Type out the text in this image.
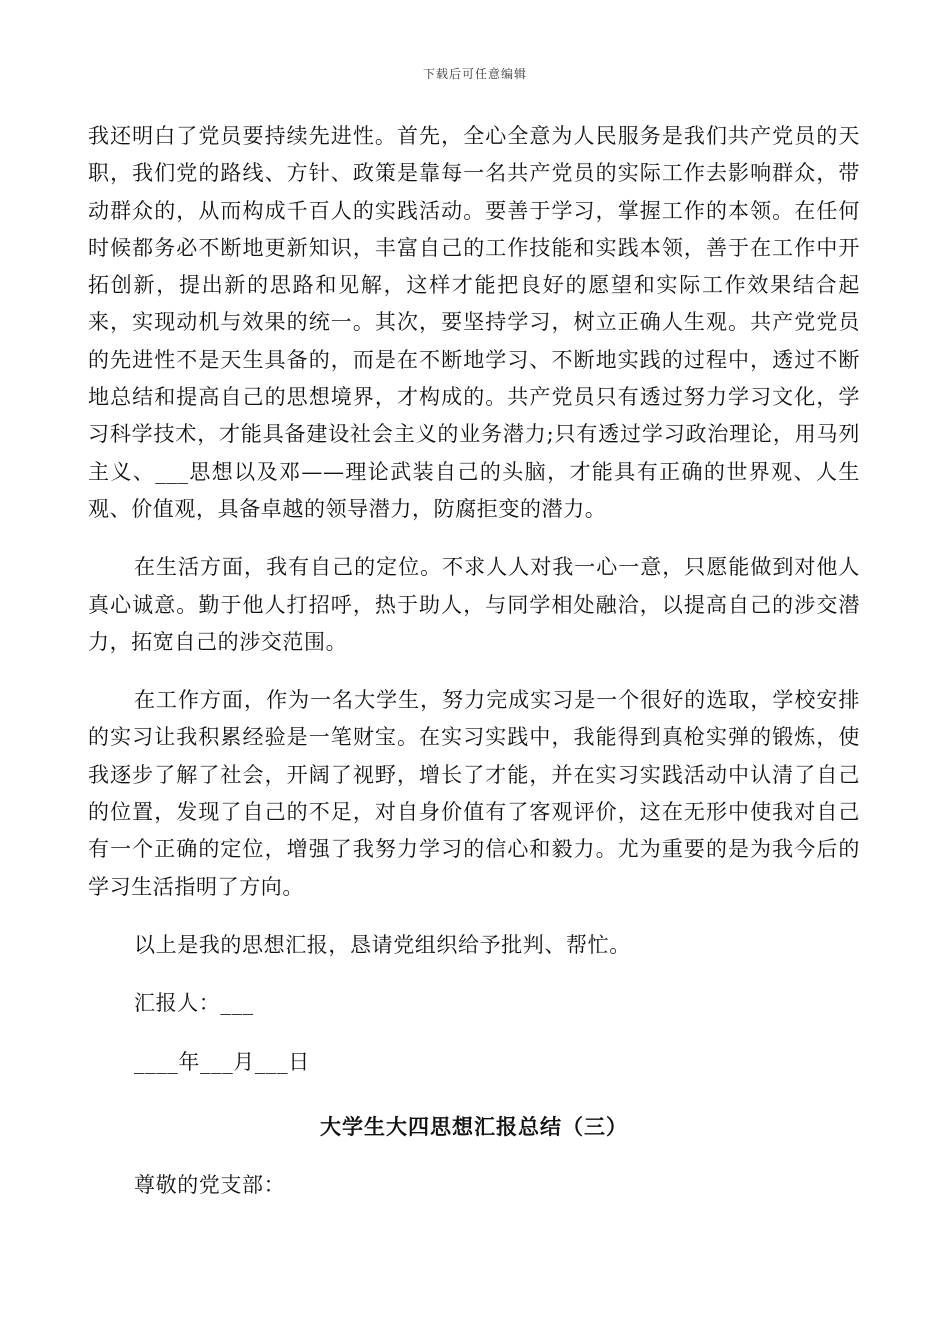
下载后可任意编辑

我还明白了党员要持续先进性。首先，全心全意为人民服务是我们共产党员的天职，我们党的路线、方针、政策是靠每一名共产党员的实际工作去影响群众，带动群众的，从而构成千百人的实践活动。要善于学习，掌握工作的本领。在任何时候都务必不断地更新知识，丰富自己的工作技能和实践本领，善于在工作中开拓创新，提出新的思路和见解，这样才能把良好的愿望和实际工作效果结合起来，实现动机与效果的统一。其次，要坚持学习，树立正确人生观。共产党党员的先进性不是天生具备的，而是在不断地学习、不断地实践的过程中，透过不断地总结和提高自己的思想境界，才构成的。共产党员只有透过努力学习文化，学习科学技术，才能具备建设社会主义的业务潜力;只有透过学习政治理论，用马列主义、___思想以及邓——理论武装自己的头脑，才能具有正确的世界观、人生观、价值观，具备卓越的领导潜力，防腐拒变的潜力。

在生活方面，我有自己的定位。不求人人对我一心一意，只愿能做到对他人真心诚意。勤于他人打招呼，热于助人，与同学相处融洽，以提高自己的涉交潜力，拓宽自己的涉交范围。

在工作方面，作为一名大学生，努力完成实习是一个很好的选取，学校安排的实习让我积累经验是一笔财宝。在实习实践中，我能得到真枪实弹的锻炼，使我逐步了解了社会，开阔了视野，增长了才能，并在实习实践活动中认清了自己的位置，发现了自己的不足，对自身价值有了客观评价，这在无形中使我对自己有一个正确的定位，增强了我努力学习的信心和毅力。尤为重要的是为我今后的学习生活指明了方向。

以上是我的思想汇报，恳请党组织给予批判、帮忙。

汇报人：___

____年___月___日

大学生大四思想汇报总结（三）

尊敬的党支部：
